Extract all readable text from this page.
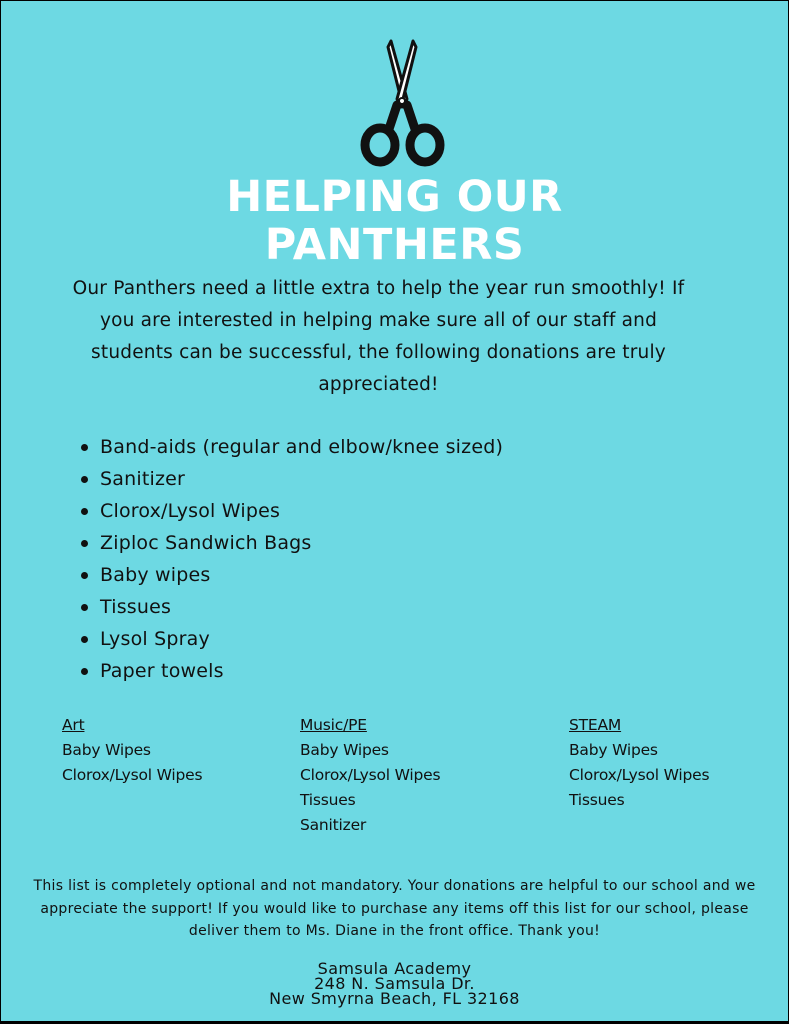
HELPING OUR
PANTHERS
Our Panthers need a little extra to help the year run smoothly! If you are interested in helping make sure all of our staff and students can be successful, the following donations are truly appreciated!
Band-aids (regular and elbow/knee sized)
Sanitizer
Clorox/Lysol Wipes
Ziploc Sandwich Bags
Baby wipes
Tissues
Lysol Spray
Paper towels
Art
Baby Wipes
Clorox/Lysol Wipes
Music/PE
Baby Wipes
Clorox/Lysol Wipes
Tissues
Sanitizer
STEAM
Baby Wipes
Clorox/Lysol Wipes
Tissues
This list is completely optional and not mandatory. Your donations are helpful to our school and we appreciate the support! If you would like to purchase any items off this list for our school, please deliver them to Ms. Diane in the front office. Thank you!
Samsula Academy
248 N. Samsula Dr.
New Smyrna Beach, FL 32168
